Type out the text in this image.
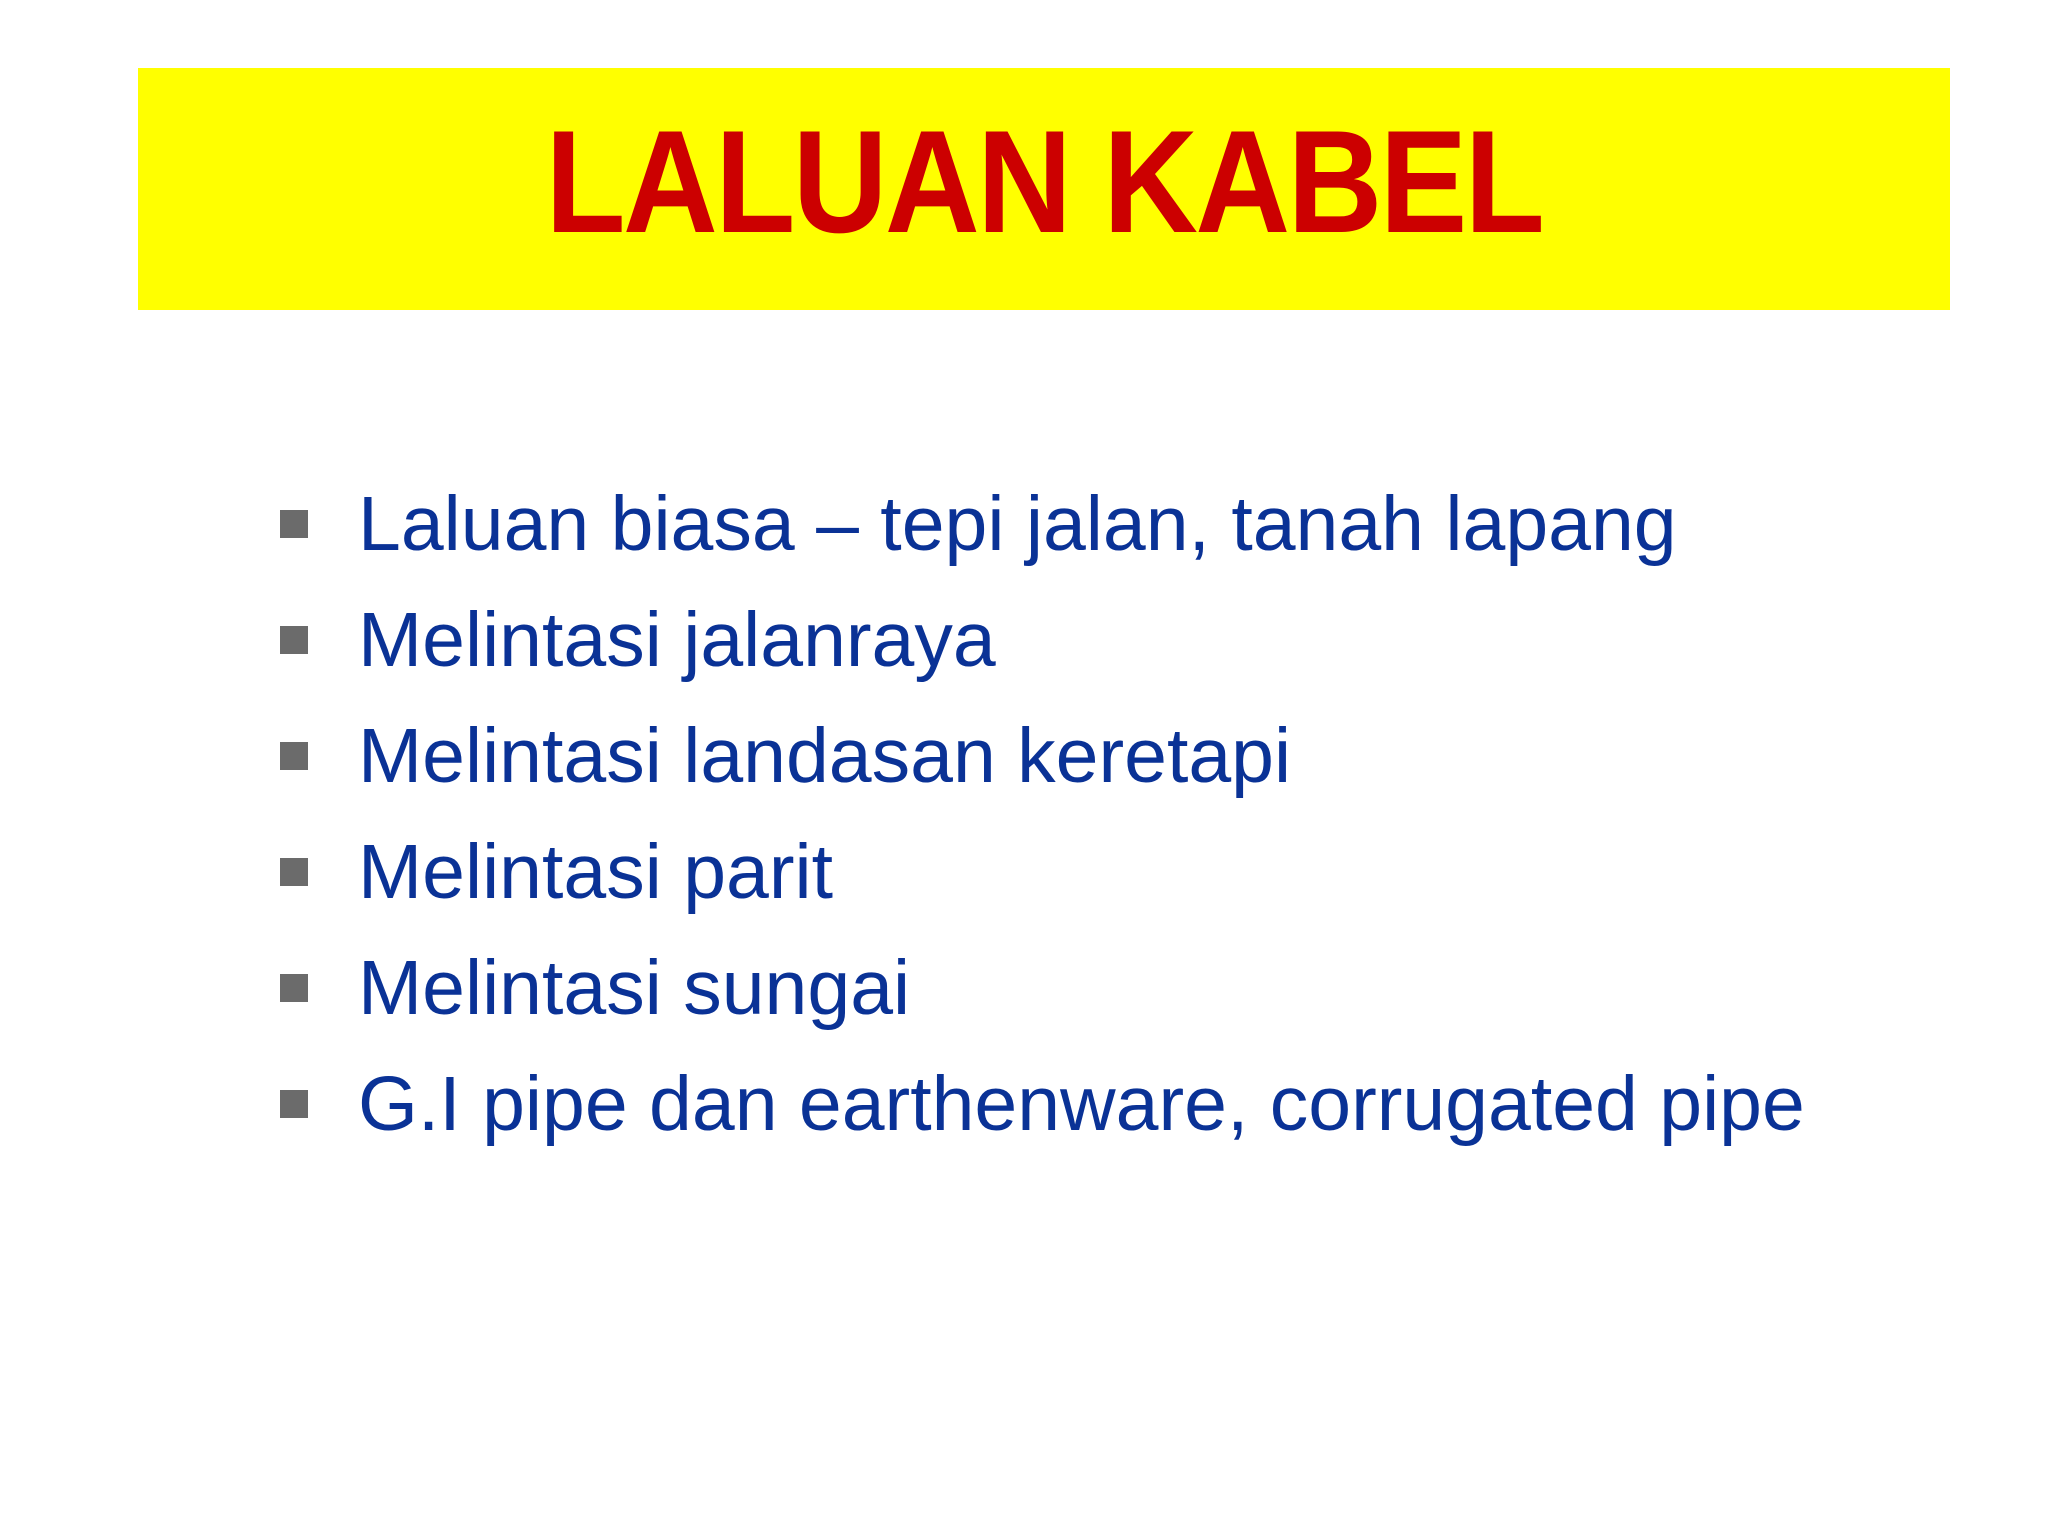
LALUAN KABEL
Laluan biasa – tepi jalan, tanah lapang
Melintasi jalanraya
Melintasi landasan keretapi
Melintasi parit
Melintasi sungai
G.I pipe dan earthenware, corrugated pipe
